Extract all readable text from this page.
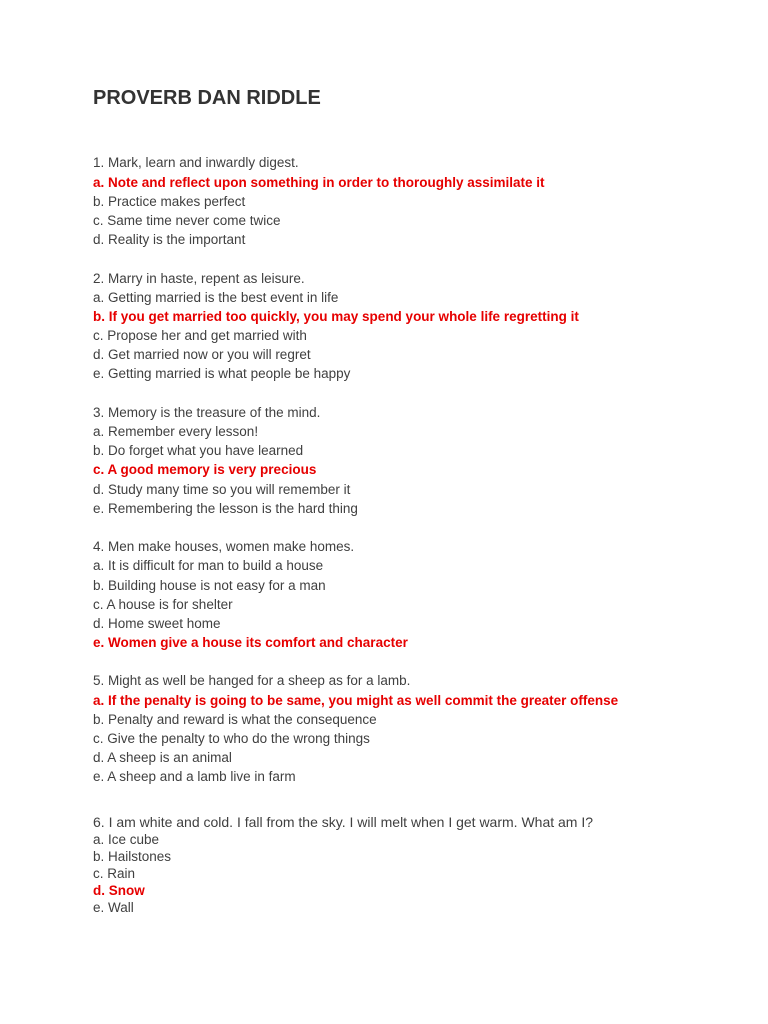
PROVERB DAN RIDDLE
1. Mark, learn and inwardly digest.
a. Note and reflect upon something in order to thoroughly assimilate it
b. Practice makes perfect
c. Same time never come twice
d. Reality is the important
2. Marry in haste, repent as leisure.
a. Getting married is the best event in life
b. If you get married too quickly, you may spend your whole life regretting it
c. Propose her and get married with
d. Get married now or you will regret
e. Getting married is what people be happy
3. Memory is the treasure of the mind.
a. Remember every lesson!
b. Do forget what you have learned
c. A good memory is very precious
d. Study many time so you will remember it
e. Remembering the lesson is the hard thing
4. Men make houses, women make homes.
a. It is difficult for man to build a house
b. Building house is not easy for a man
c. A house is for shelter
d. Home sweet home
e. Women give a house its comfort and character
5. Might as well be hanged for a sheep as for a lamb.
a. If the penalty is going to be same, you might as well commit the greater offense
b. Penalty and reward is what the consequence
c. Give the penalty to who do the wrong things
d. A sheep is an animal
e. A sheep and a lamb live in farm
6. I am white and cold. I fall from the sky. I will melt when I get warm. What am I?
a. Ice cube
b. Hailstones
c. Rain
d. Snow
e. Wall
